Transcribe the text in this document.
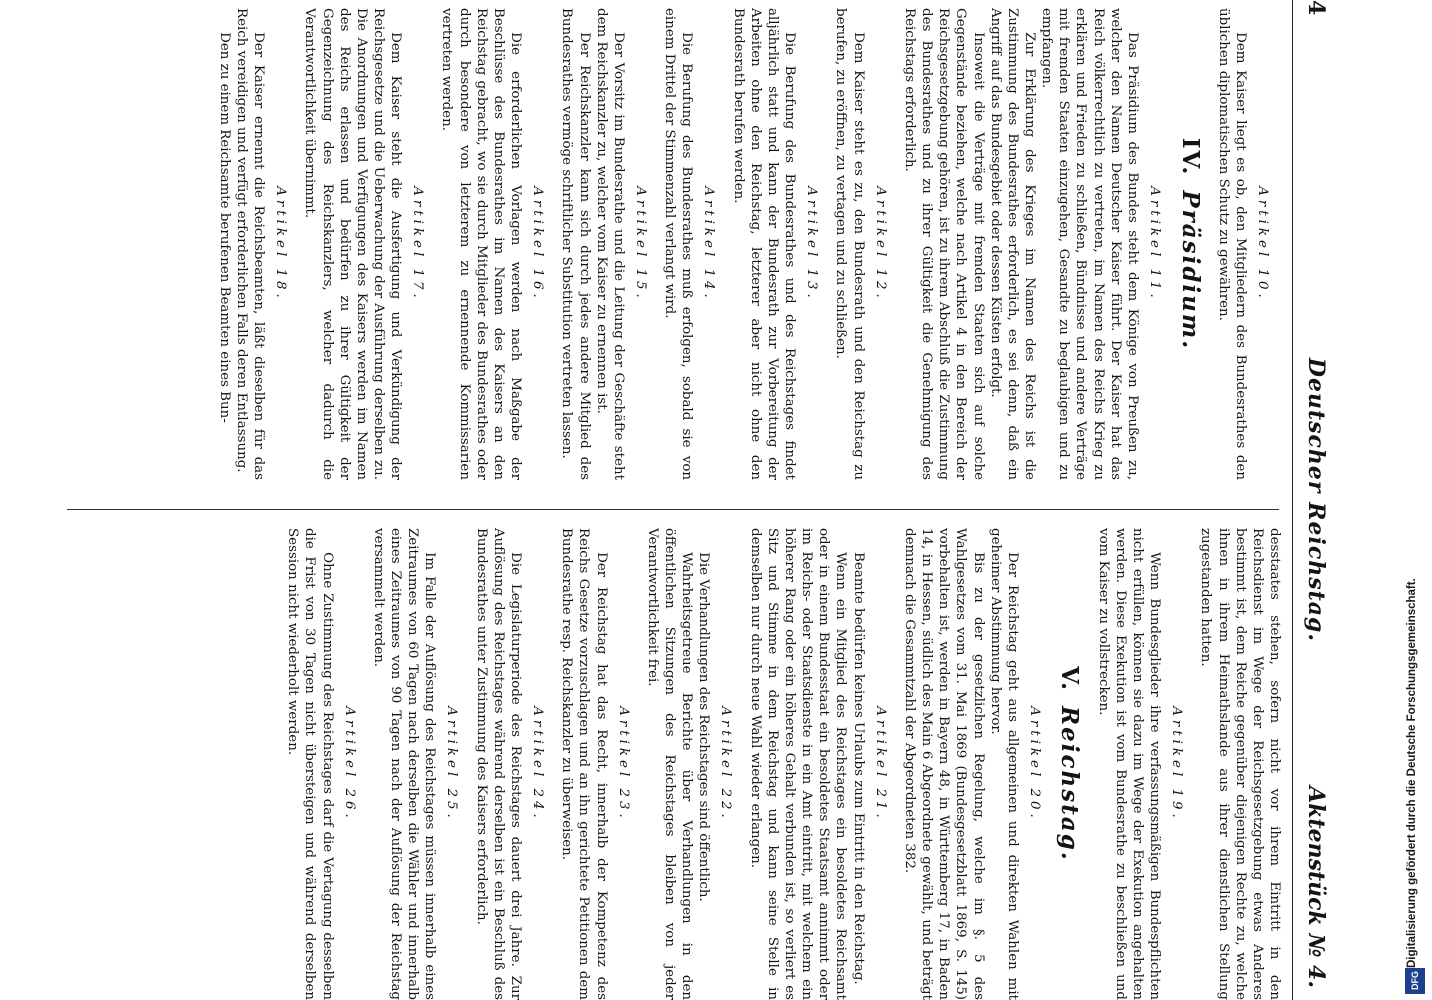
4
Deutscher Reichstag.
Aktenstück № 4.
Artikel 10.

Dem Kaiser liegt es ob, den Mitgliedern des Bundesrathes den üblichen diplomatischen Schutz zu gewähren.

IV.Präsidium.
Artikel 11.

Das Präsidium des Bundes steht dem Könige von Preußen zu, welcher den Namen Deutscher Kaiser führt. Der Kaiser hat das Reich völkerrechtlich zu vertreten, im Namen des Reichs Krieg zu erklären und Frieden zu schließen, Bündnisse und andere Verträge mit fremden Staaten einzugehen, Gesandte zu beglaubigen und zu empfangen.

Zur Erklärung des Krieges im Namen des Reichs ist die Zustimmung des Bundesrathes erforderlich, es sei denn, daß ein Angriff auf das Bundesgebiet oder dessen Küsten erfolgt.

Insoweit die Verträge mit fremden Staaten sich auf solche Gegenstände beziehen, welche nach Artikel 4 in den Bereich der Reichsgesetzgebung gehören, ist zu ihrem Abschluß die Zustimmung des Bundesrathes und zu ihrer Gültigkeit die Genehmigung des Reichstags erforderlich.

Artikel 12.

Dem Kaiser steht es zu, den Bundesrath und den Reichstag zu berufen, zu eröffnen, zu vertagen und zu schließen.

Artikel 13.

Die Berufung des Bundesrathes und des Reichstages findet alljährlich statt und kann der Bundesrath zur Vorbereitung der Arbeiten ohne den Reichstag, letzterer aber nicht ohne den Bundesrath berufen werden.

Artikel 14.

Die Berufung des Bundesrathes muß erfolgen, sobald sie von einem Drittel der Stimmenzahl verlangt wird.

Artikel 15.

Der Vorsitz im Bundesrathe und die Leitung der Geschäfte steht dem Reichskanzler zu, welcher vom Kaiser zu ernennen ist.

Der Reichskanzler kann sich durch jedes andere Mitglied des Bundesrathes vermöge schriftlicher Substitution vertreten lassen.

Artikel 16.

Die erforderlichen Vorlagen werden nach Maßgabe der Beschlüsse des Bundesrathes im Namen des Kaisers an den Reichstag gebracht, wo sie durch Mitglieder des Bundesrathes oder durch besondere von letzterem zu ernennende Kommissarien vertreten werden.

Artikel 17.

Dem Kaiser steht die Ausfertigung und Verkündigung der Reichsgesetze und die Ueberwachung der Ausführung derselben zu. Die Anordnungen und Verfügungen des Kaisers werden im Namen des Reichs erlassen und bedürfen zu ihrer Gültigkeit der Gegenzeichnung des Reichskanzlers, welcher dadurch die Verantwortlichkeit übernimmt.

Artikel 18.

Der Kaiser ernennt die Reichsbeamten, läßt dieselben für das Reich vereidigen und verfügt erforderlichen Falls deren Entlassung.

Den zu einem Reichsamte berufenen Beamten eines Bun-

desstaates stehen, sofern nicht vor ihrem Eintritt in den Reichsdienst im Wege der Reichsgesetzgebung etwas Anderes bestimmt ist, dem Reiche gegenüber diejenigen Rechte zu, welche ihnen in ihrem Heimathslande aus ihrer dienstlichen Stellung zugestanden hatten.

Artikel 19.

Wenn Bundesglieder ihre verfassungsmäßigen Bundespflichten nicht erfüllen, können sie dazu im Wege der Exekution angehalten werden. Diese Exekution ist vom Bundesrathe zu beschließen und vom Kaiser zu vollstrecken.

V.Reichstag.
Artikel 20.

Der Reichstag geht aus allgemeinen und direkten Wahlen mit geheimer Abstimmung hervor.

Bis zu der gesetzlichen Regelung, welche im §. 5 des Wahlgesetzes vom 31. Mai 1869 (Bundesgesetzblatt 1869, S. 145) vorbehalten ist, werden in Bayern 48, in Württemberg 17, in Baden 14, in Hessen, südlich des Main 6 Abgeordnete gewählt, und beträgt demnach die Gesammtzahl der Abgeordneten 382.

Artikel 21.

Beamte bedürfen keines Urlaubs zum Eintritt in den Reichstag.

Wenn ein Mitglied des Reichstages ein besoldetes Reichsamt oder in einem Bundesstaat ein besoldetes Staatsamt annimmt oder im Reichs- oder Staatsdienste in ein Amt eintritt, mit welchem ein höherer Rang oder ein höheres Gehalt verbunden ist, so verliert es Sitz und Stimme in dem Reichstag und kann seine Stelle in demselben nur durch neue Wahl wieder erlangen.

Artikel 22.

Die Verhandlungen des Reichstages sind öffentlich.

Wahrheitsgetreue Berichte über Verhandlungen in den öffentlichen Sitzungen des Reichstages bleiben von jeder Verantwortlichkeit frei.

Artikel 23.

Der Reichstag hat das Recht, innerhalb der Kompetenz des Reichs Gesetze vorzuschlagen und an ihn gerichtete Petitionen dem Bundesrathe resp. Reichskanzler zu überweisen.

Artikel 24.

Die Legislaturperiode des Reichstages dauert drei Jahre. Zur Auflösung des Reichstages während derselben ist ein Beschluß des Bundesrathes unter Zustimmung des Kaisers erforderlich.

Artikel 25.

Im Falle der Auflösung des Reichstages müssen innerhalb eines Zeitraumes von 60 Tagen nach derselben die Wähler und innerhalb eines Zeitraumes von 90 Tagen nach der Auflösung der Reichstag versammelt werden.

Artikel 26.

Ohne Zustimmung des Reichstages darf die Vertagung desselben die Frist von 30 Tagen nicht übersteigen und während derselben Session nicht wiederholt werden.	Digitalisierung gefördert durch die Deutsche Forschungsgemeinschaft.
DFG
